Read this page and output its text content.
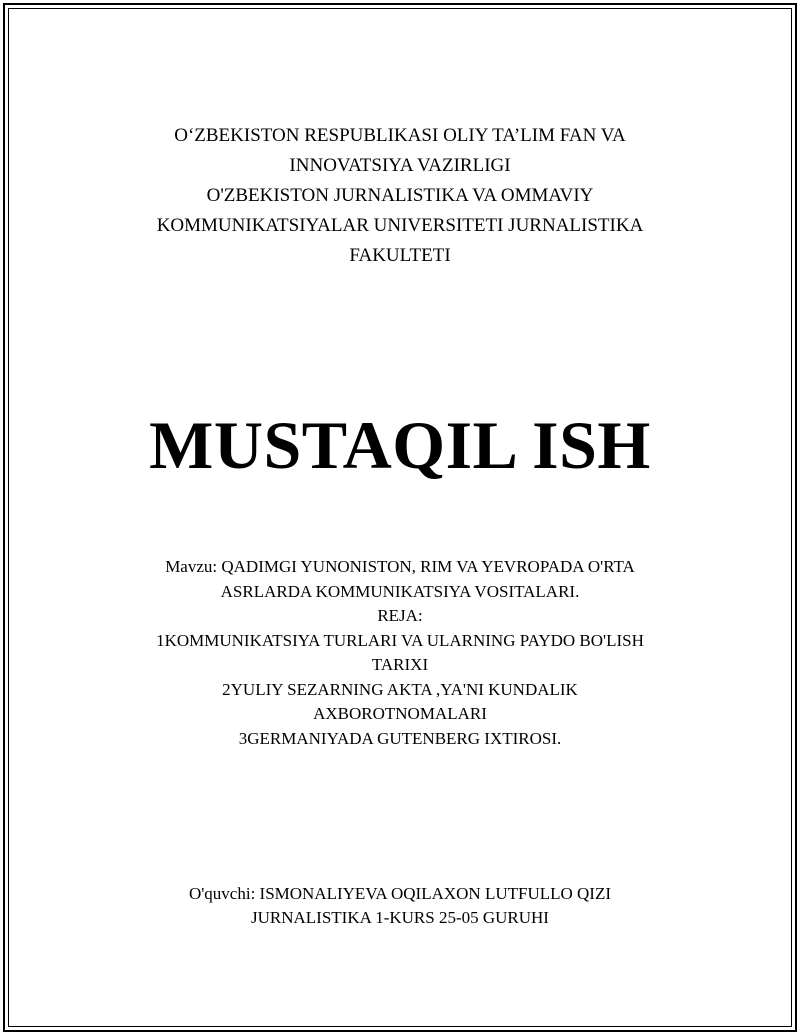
O‘ZBEKISTON RESPUBLIKASI OLIY TA’LIM FAN VA
INNOVATSIYA VAZIRLIGI
O'ZBEKISTON JURNALISTIKA VA OMMAVIY
KOMMUNIKATSIYALAR UNIVERSITETI JURNALISTIKA
FAKULTETI
MUSTAQIL ISH
Mavzu: QADIMGI YUNONISTON, RIM VA YEVROPADA O'RTA
ASRLARDA KOMMUNIKATSIYA VOSITALARI.
REJA:
1KOMMUNIKATSIYA TURLARI VA ULARNING PAYDO BO'LISH
TARIXI
2YULIY SEZARNING AKTA ,YA'NI KUNDALIK
AXBOROTNOMALARI
3GERMANIYADA GUTENBERG IXTIROSI.
O'quvchi: ISMONALIYEVA OQILAXON LUTFULLO QIZI
JURNALISTIKA 1-KURS 25-05 GURUHI
